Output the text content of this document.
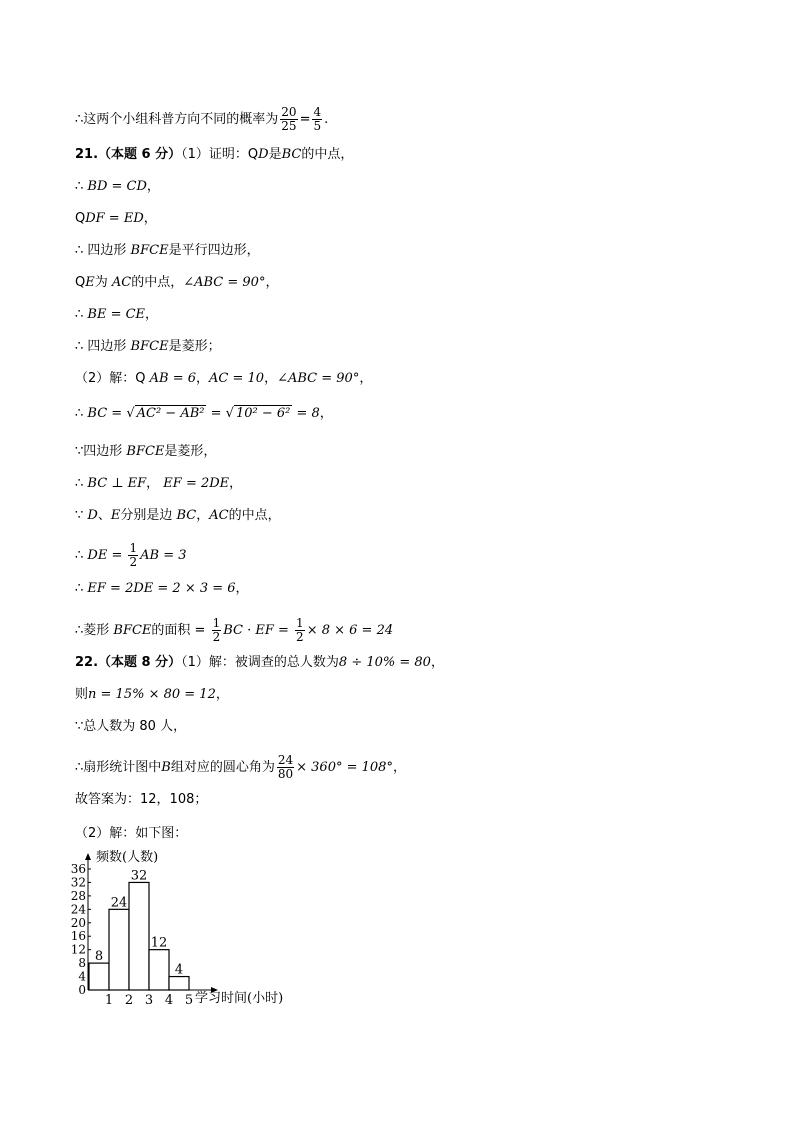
∴这两个小组科普方向不同的概率为 $\frac{20}{25} = \frac{4}{5}$ .
21.（本题 6 分）（1）证明：QD是BC的中点，
∴ BD = CD，
QDF = ED，
∴ 四边形 BFCE是平行四边形，
QE为 AC的中点，∠ABC = 90°，
∴ BE = CE，
∴ 四边形 BFCE是菱形；
（2）解：Q AB = 6，AC = 10，∠ABC = 90°，
∴ BC = √ AC² − AB² = √ 10² − 6² = 8，
∵四边形 BFCE是菱形，
∴ BC ⊥ EF， EF = 2DE，
∵ D、E分别是边 BC，AC的中点，
∴ DE = $\frac{1}{2}$ AB = 3
∴ EF = 2DE = 2 × 3 = 6，
∴菱形 BFCE的面积 = $\frac{1}{2}$ BC · EF = $\frac{1}{2} \times 8 \times 6 = 24$
22.（本题 8 分）（1）解：被调查的总人数为8 ÷ 10% = 80，
则n = 15% × 80 = 12，
∵总人数为 80 人，
∴扇形统计图中B组对应的圆心角为 $\frac{24}{80} \times 360^\circ = 108^\circ$，
故答案为：12，108；
（2）解：如下图：
频数(人数)
学习时间(小时)
0
4
8
12
16
20
24
28
32
36
8
24
32
12
4
1 2 3 4 5
